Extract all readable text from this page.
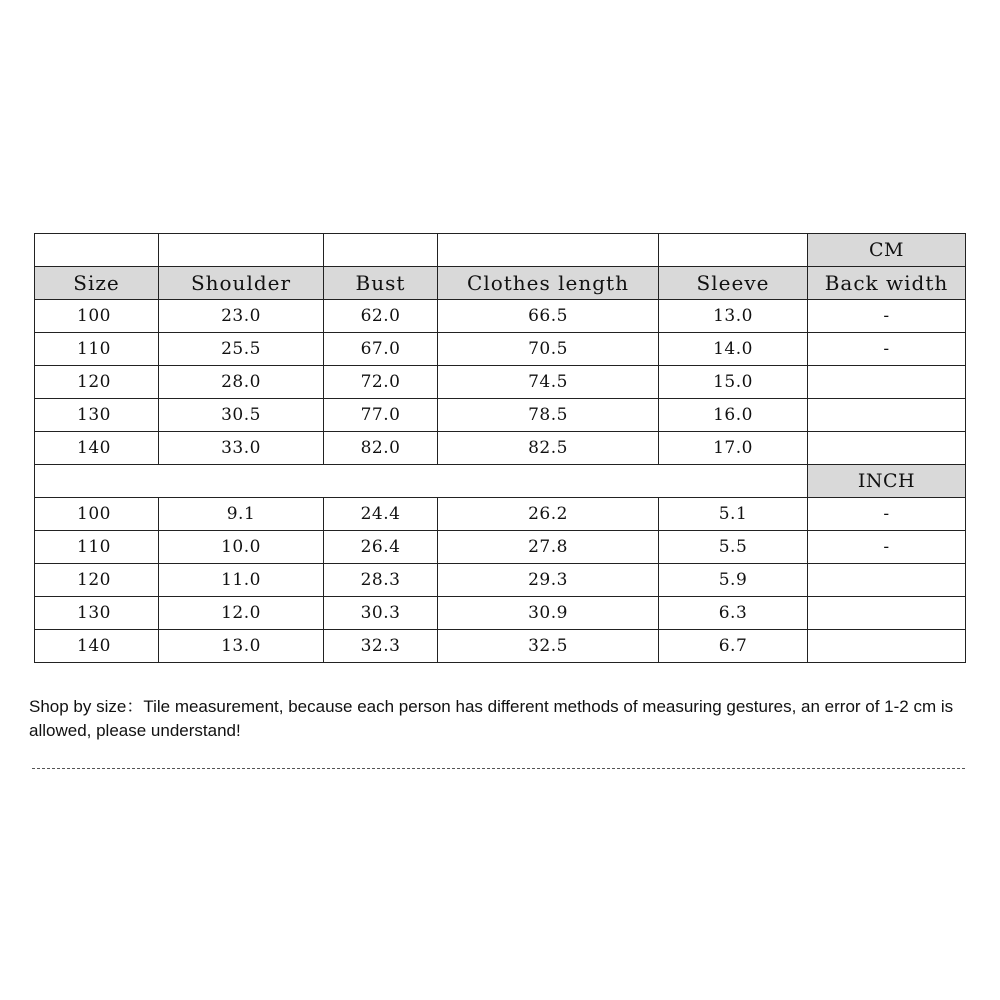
					CM
Size	Shoulder	Bust	Clothes length	Sleeve	Back width
100	23.0	62.0	66.5	13.0	-
110	25.5	67.0	70.5	14.0	-
120	28.0	72.0	74.5	15.0	
130	30.5	77.0	78.5	16.0	
140	33.0	82.0	82.5	17.0	
					INCH
100	9.1	24.4	26.2	5.1	-
110	10.0	26.4	27.8	5.5	-
120	11.0	28.3	29.3	5.9	
130	12.0	30.3	30.9	6.3	
140	13.0	32.3	32.5	6.7	

Shop by size：Tile measurement, because each person has different methods of measuring gestures, an error of 1-2 cm is allowed, please understand!
